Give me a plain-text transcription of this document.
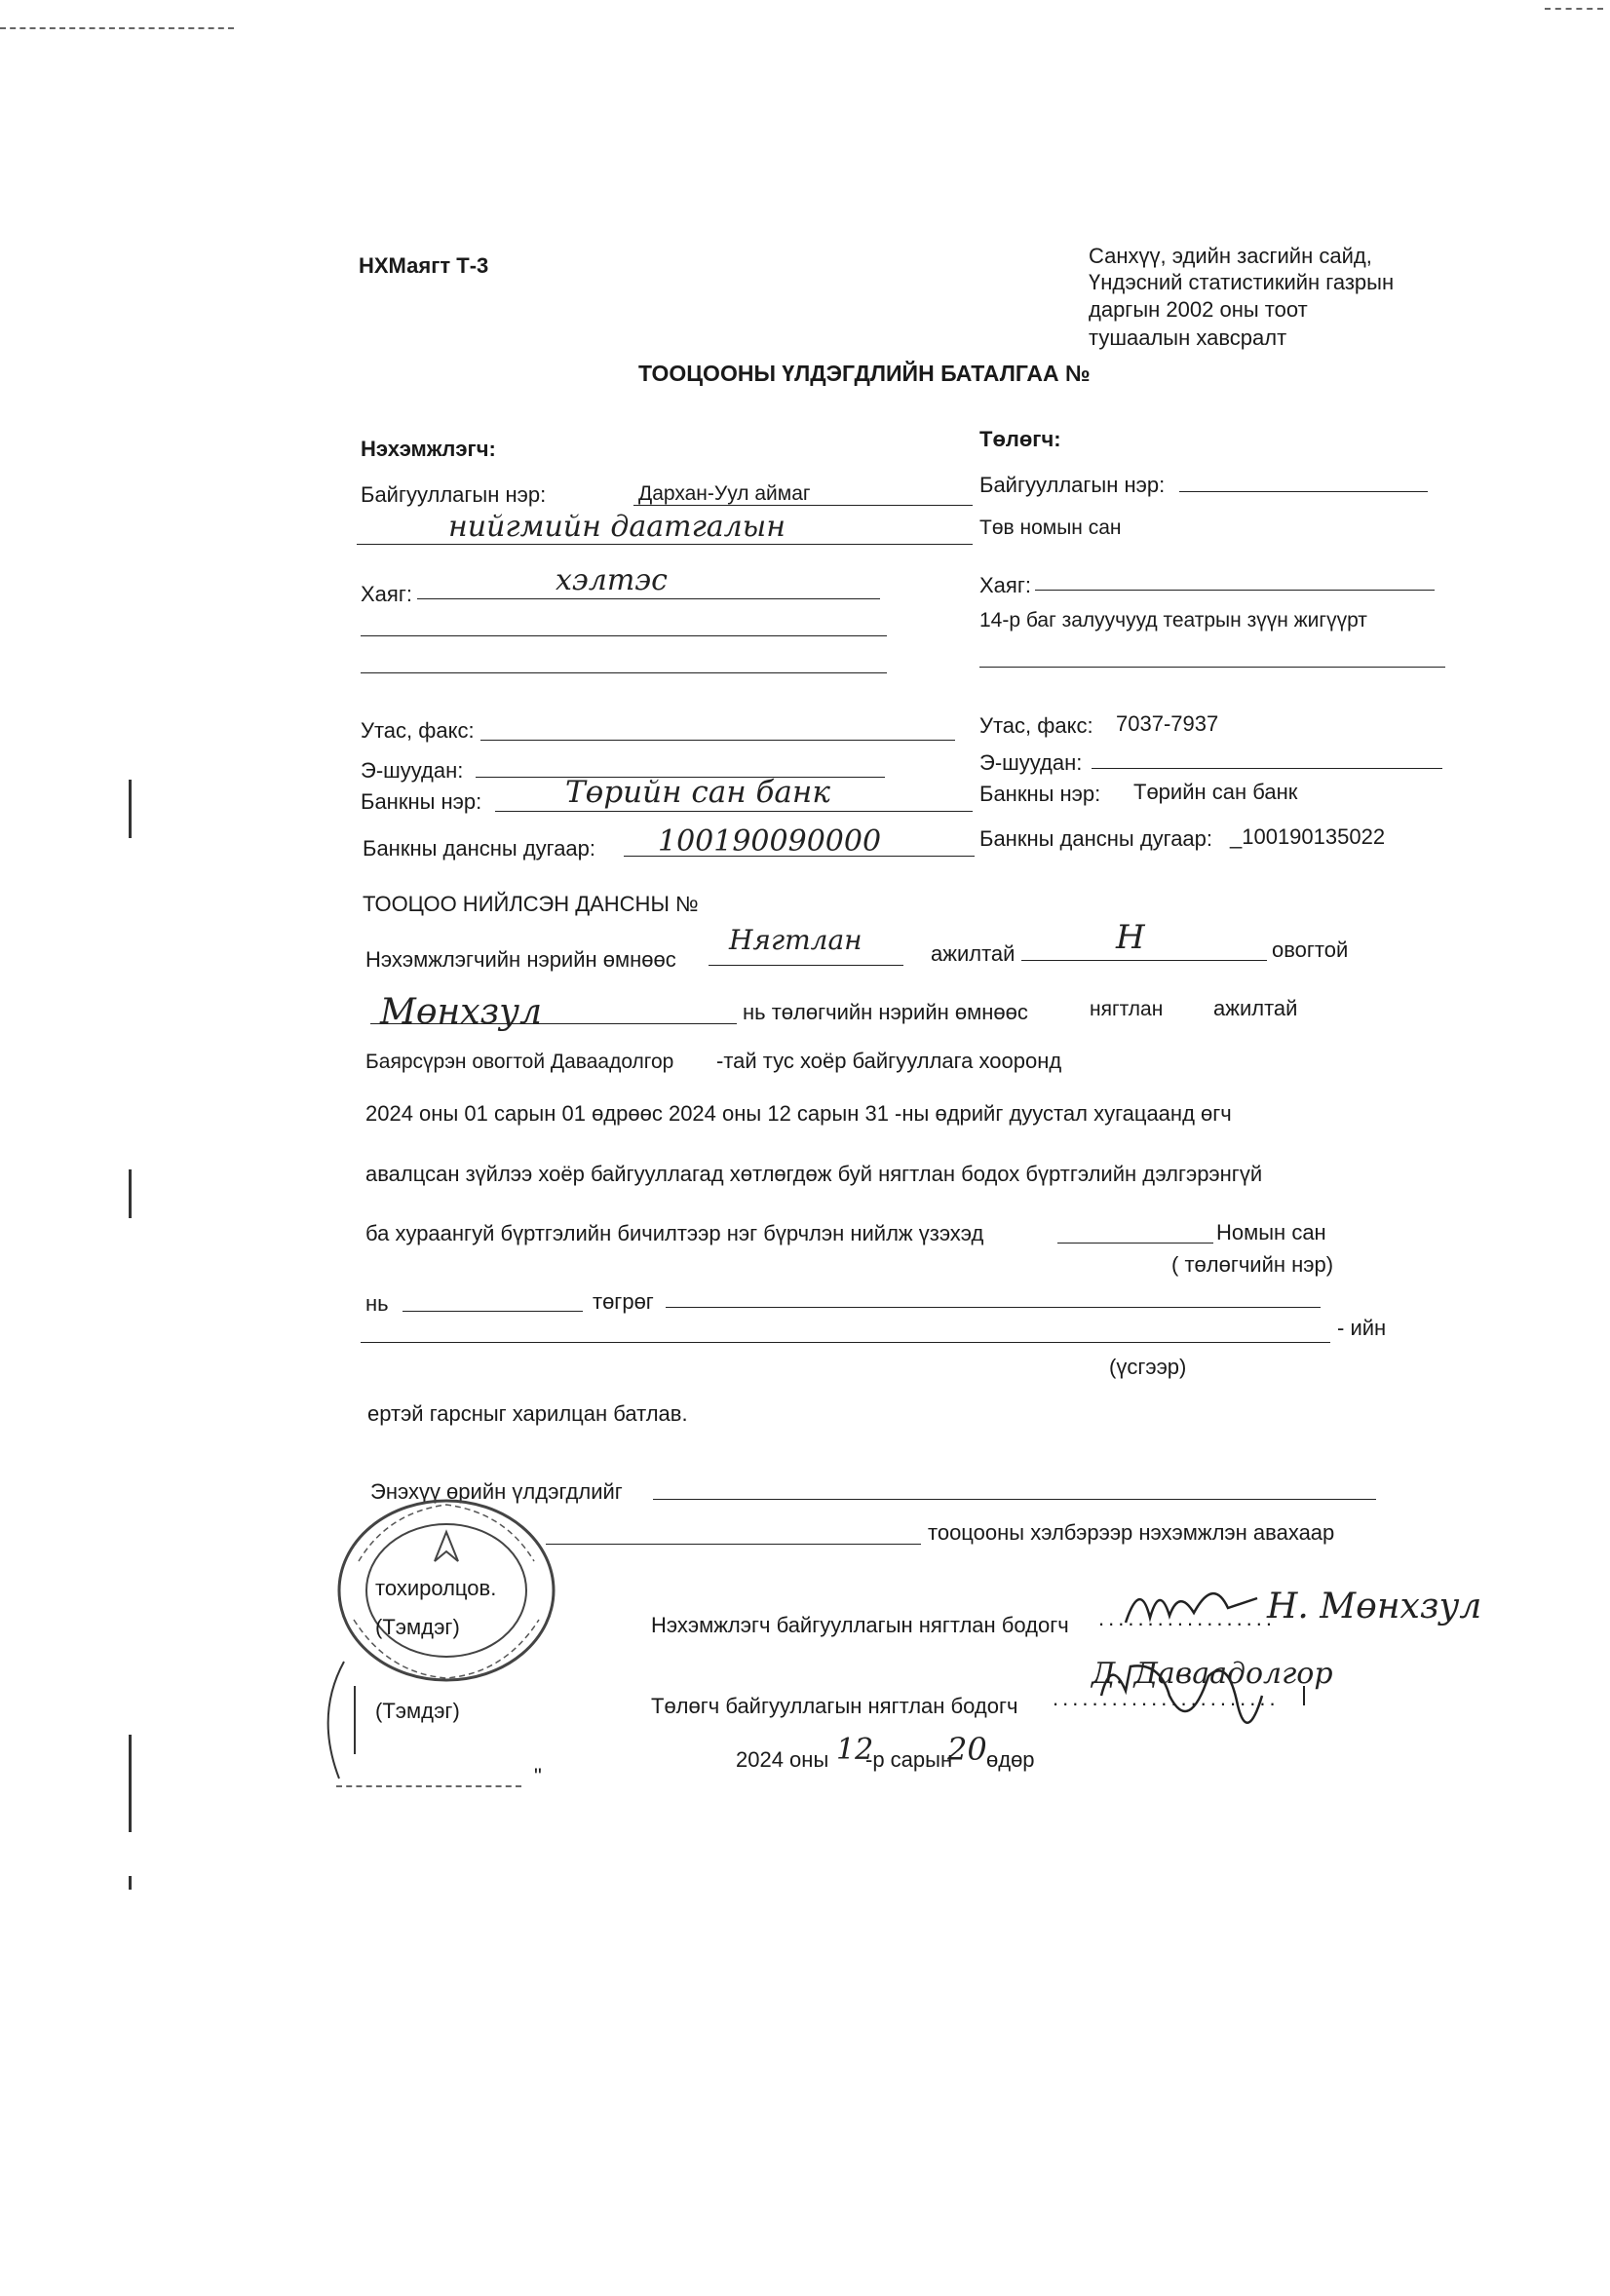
НХМаягт Т-3	Санхүү, эдийн засгийн сайд,
Үндэсний статистикийн газрын
даргын 2002 оны тоот
тушаалын хавсралт
ТООЦООНЫ ҮЛДЭГДЛИЙН БАТАЛГАА №
Нэхэмжлэгч:
Байгууллагын нэр:	Дархан-Уул аймаг
нийгмийн даатгалын
Хаяг:	хэлтэс
Утас, факс:
Э-шуудан:
Банкны нэр:	Төрийн сан банк
Банкны дансны дугаар: 100190090000
Төлөгч:
Байгууллагын нэр:
Төв номын сан
Хаяг:
14-р баг залуучууд театрын зүүн жигүүрт
Утас, факс: 7037-7937
Э-шуудан:
Банкны нэр: Төрийн сан банк
Банкны дансны дугаар: _100190135022
ТООЦОО НИЙЛСЭН ДАНСНЫ №
Нэхэмжлэгчийн нэрийн өмнөөс
Нягтлан	ажилтай	Н	овогтой
Мөнхзул	нь төлөгчийн нэрийн өмнөөс	нягтлан ажилтай
Баярсүрэн овогтой Даваадолгор -тай тус хоёр байгууллага хооронд
2024 оны 01 сарын 01 өдрөөс 2024 оны 12 сарын 31 -ны өдрийг дуустал хугацаанд өгч
авалцсан зүйлээ хоёр байгууллагад хөтлөгдөж буй нягтлан бодох бүртгэлийн дэлгэрэнгүй
ба хураангуй бүртгэлийн бичилтээр нэг бүрчлэн нийлж үзэхэд	Номын сан
( төлөгчийн нэр)
нь	төгрөг
- ийн
(үсгээр)
ертэй гарсныг харилцан батлав.
Энэхүү өрийн үлдэгдлийг
тооцооны хэлбэрээр нэхэмжлэн авахаар
тохиролцов.
(Тэмдэг)
(Тэмдэг)
"
Нэхэмжлэгч байгууллагын нягтлан бодогч ..................
Н. Мөнхзул
Төлөгч байгууллагын нягтлан бодогч .......................
Д. Даваадолгор
2024 оны 12
-р сарын
20 өдөр
